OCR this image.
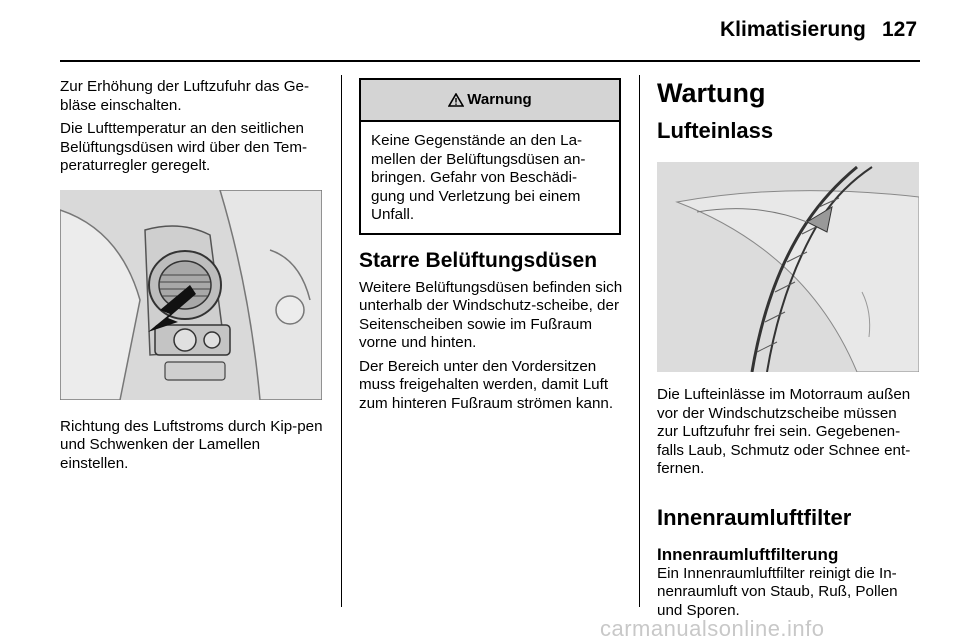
Klimatisierung 127

Zur Erhöhung der Luftzufuhr das Ge-bläse einschalten.

Die Lufttemperatur an den seitlichen Belüftungsdüsen wird über den Tem-peraturregler geregelt.

Richtung des Luftstroms durch Kip-pen und Schwenken der Lamellen einstellen.

Warnung
Keine Gegenstände an den La-mellen der Belüftungsdüsen an-bringen. Gefahr von Beschädi-gung und Verletzung bei einem Unfall.
Starre Belüftungsdüsen

Weitere Belüftungsdüsen befinden sich unterhalb der Windschutz-scheibe, der Seitenscheiben sowie im Fußraum vorne und hinten.

Der Bereich unter den Vordersitzen muss freigehalten werden, damit Luft zum hinteren Fußraum strömen kann.

Wartung
Lufteinlass

Die Lufteinlässe im Motorraum außen vor der Windschutzscheibe müssen zur Luftzufuhr frei sein. Gegebenen-falls Laub, Schmutz oder Schnee ent-fernen.

Innenraumluftfilter
Innenraumluftfilterung

Ein Innenraumluftfilter reinigt die In-nenraumluft von Staub, Ruß, Pollen und Sporen.

carmanualsonline.info
